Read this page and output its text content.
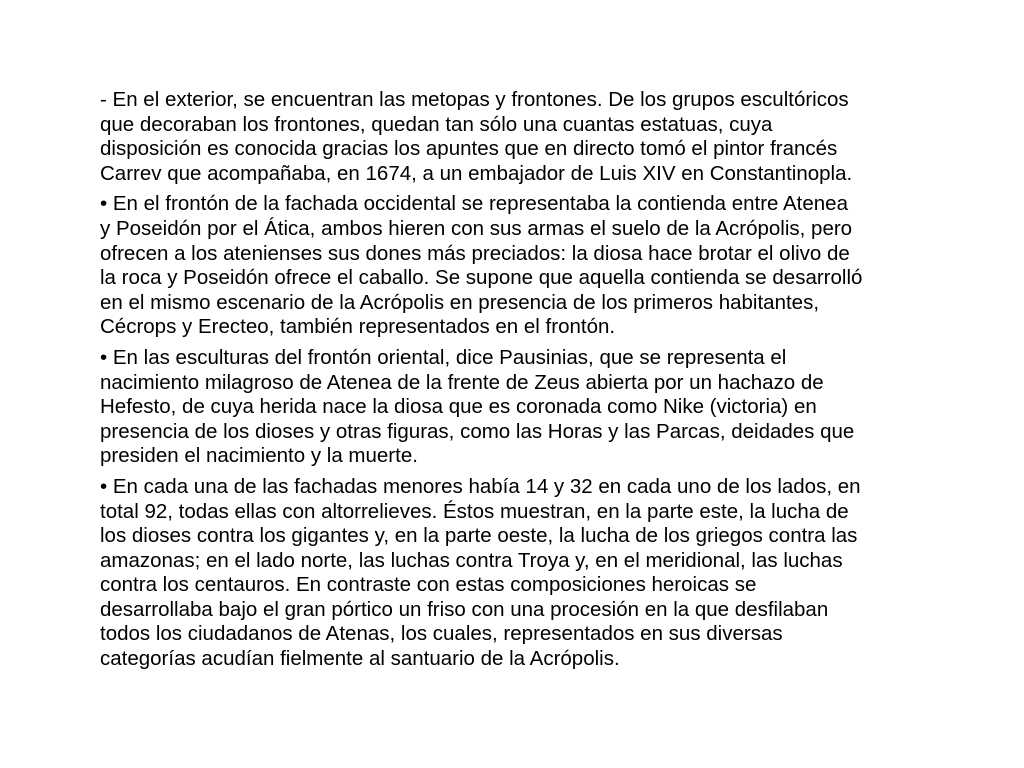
- En el exterior, se encuentran las metopas y frontones. De los grupos escultóricos
que decoraban los frontones, quedan tan sólo una cuantas estatuas, cuya
disposición es conocida gracias los apuntes que en directo tomó el pintor francés
Carrev que acompañaba, en 1674, a un embajador de Luis XIV en Constantinopla.

• En el frontón de la fachada occidental se representaba la contienda entre Atenea
y Poseidón por el Ática, ambos hieren con sus armas el suelo de la Acrópolis, pero
ofrecen a los atenienses sus dones más preciados: la diosa hace brotar el olivo de
la roca y Poseidón ofrece el caballo. Se supone que aquella contienda se desarrolló
en el mismo escenario de la Acrópolis en presencia de los primeros habitantes,
Cécrops y Erecteo, también representados en el frontón.

• En las esculturas del frontón oriental, dice Pausinias, que se representa el
nacimiento milagroso de Atenea de la frente de Zeus abierta por un hachazo de
Hefesto, de cuya herida nace la diosa que es coronada como Nike (victoria) en
presencia de los dioses y otras figuras, como las Horas y las Parcas, deidades que
presiden el nacimiento y la muerte.

• En cada una de las fachadas menores había 14 y 32 en cada uno de los lados, en
total 92, todas ellas con altorrelieves. Éstos muestran, en la parte este, la lucha de
los dioses contra los gigantes y, en la parte oeste, la lucha de los griegos contra las
amazonas; en el lado norte, las luchas contra Troya y, en el meridional, las luchas
contra los centauros. En contraste con estas composiciones heroicas se
desarrollaba bajo el gran pórtico un friso con una procesión en la que desfilaban
todos los ciudadanos de Atenas, los cuales, representados en sus diversas
categorías acudían fielmente al santuario de la Acrópolis.
